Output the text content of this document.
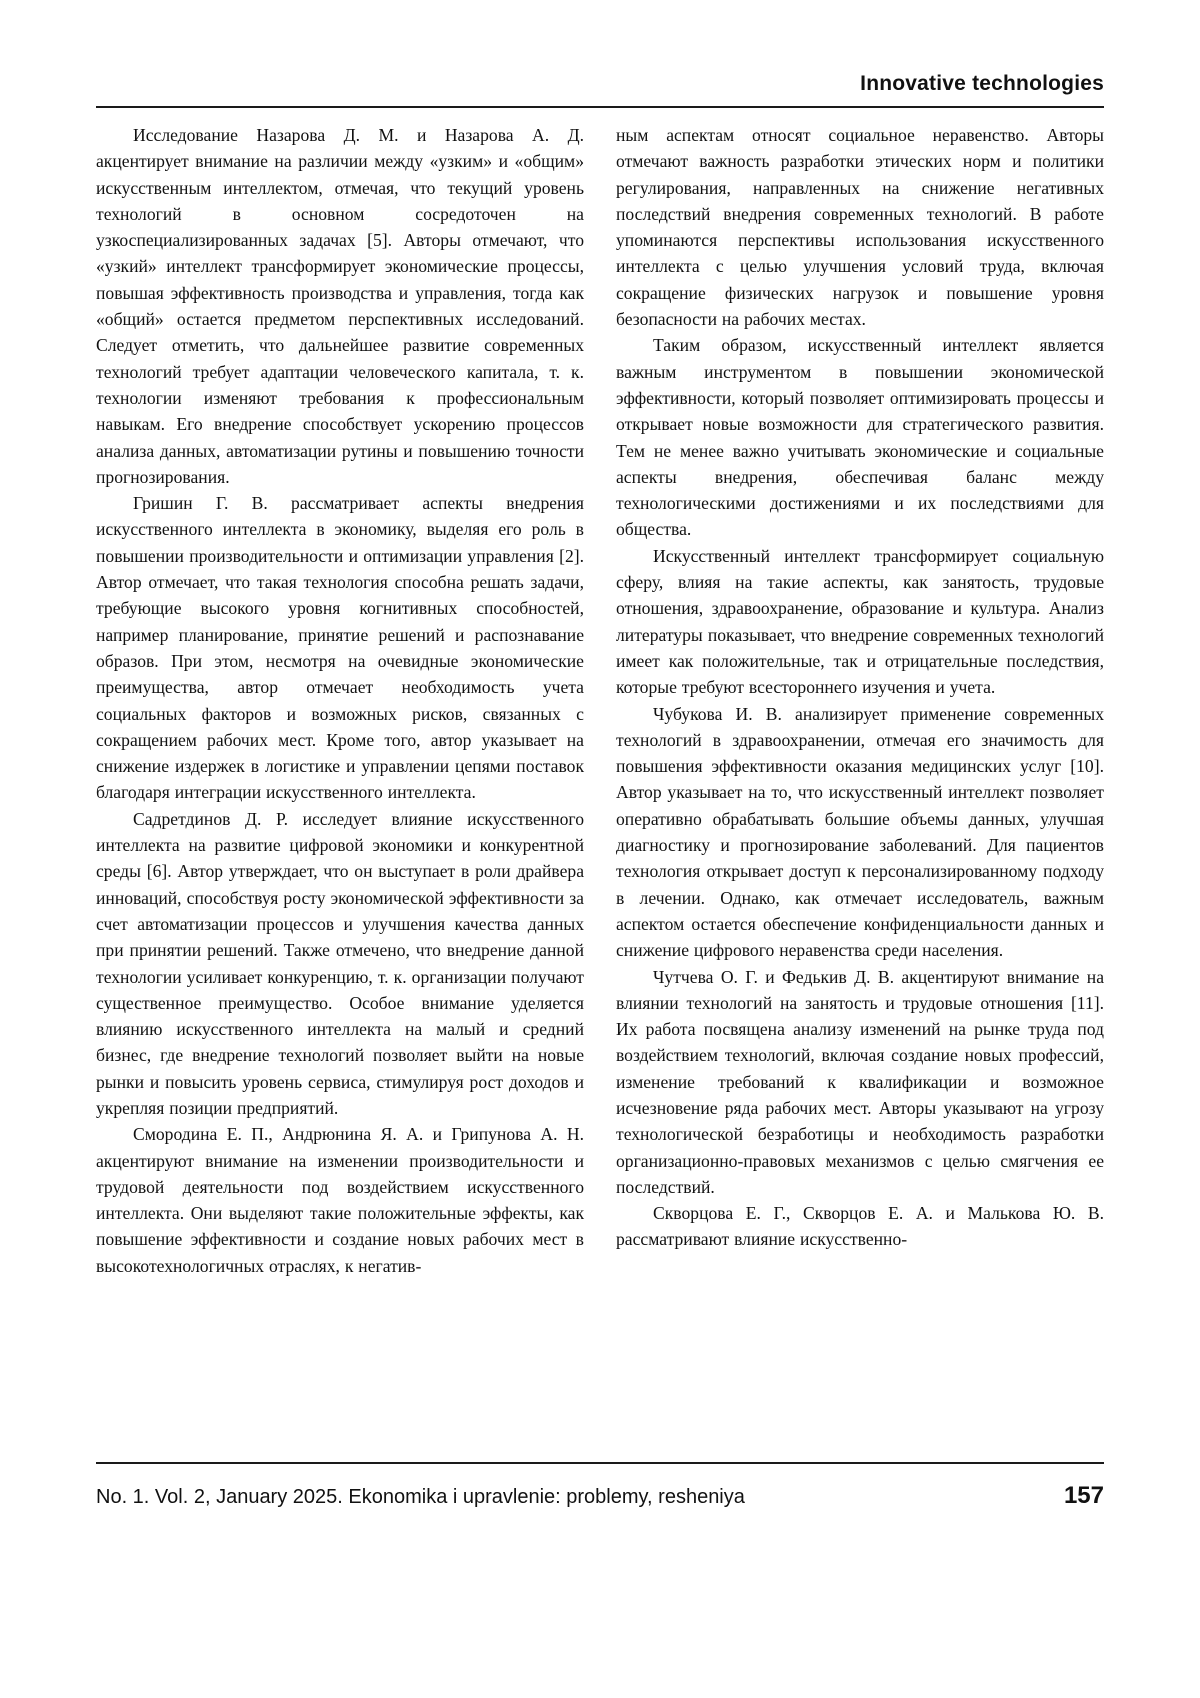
Innovative technologies

Исследование Назарова Д. М. и Назарова А. Д. акцентирует внимание на различии между «узким» и «общим» искусственным интеллектом, отмечая, что текущий уровень технологий в основном сосредоточен на узкоспециализированных задачах [5]. Авторы отмечают, что «узкий» интеллект трансформирует экономические процессы, повышая эффективность производства и управления, тогда как «общий» остается предметом перспективных исследований. Следует отметить, что дальнейшее развитие современных технологий требует адаптации человеческого капитала, т. к. технологии изменяют требования к профессиональным навыкам. Его внедрение способствует ускорению процессов анализа данных, автоматизации рутины и повышению точности прогнозирования.

Гришин Г. В. рассматривает аспекты внедрения искусственного интеллекта в экономику, выделяя его роль в повышении производительности и оптимизации управления [2]. Автор отмечает, что такая технология способна решать задачи, требующие высокого уровня когнитивных способностей, например планирование, принятие решений и распознавание образов. При этом, несмотря на очевидные экономические преимущества, автор отмечает необходимость учета социальных факторов и возможных рисков, связанных с сокращением рабочих мест. Кроме того, автор указывает на снижение издержек в логистике и управлении цепями поставок благодаря интеграции искусственного интеллекта.

Садретдинов Д. Р. исследует влияние искусственного интеллекта на развитие цифровой экономики и конкурентной среды [6]. Автор утверждает, что он выступает в роли драйвера инноваций, способствуя росту экономической эффективности за счет автоматизации процессов и улучшения качества данных при принятии решений. Также отмечено, что внедрение данной технологии усиливает конкуренцию, т. к. организации получают существенное преимущество. Особое внимание уделяется влиянию искусственного интеллекта на малый и средний бизнес, где внедрение технологий позволяет выйти на новые рынки и повысить уровень сервиса, стимулируя рост доходов и укрепляя позиции предприятий.

Смородина Е. П., Андрюнина Я. А. и Грипунова А. Н. акцентируют внимание на изменении производительности и трудовой деятельности под воздействием искусственного интеллекта. Они выделяют такие положительные эффекты, как повышение эффективности и создание новых рабочих мест в высокотехнологичных отраслях, к негатив-

ным аспектам относят социальное неравенство. Авторы отмечают важность разработки этических норм и политики регулирования, направленных на снижение негативных последствий внедрения современных технологий. В работе упоминаются перспективы использования искусственного интеллекта с целью улучшения условий труда, включая сокращение физических нагрузок и повышение уровня безопасности на рабочих местах.

Таким образом, искусственный интеллект является важным инструментом в повышении экономической эффективности, который позволяет оптимизировать процессы и открывает новые возможности для стратегического развития. Тем не менее важно учитывать экономические и социальные аспекты внедрения, обеспечивая баланс между технологическими достижениями и их последствиями для общества.

Искусственный интеллект трансформирует социальную сферу, влияя на такие аспекты, как занятость, трудовые отношения, здравоохранение, образование и культура. Анализ литературы показывает, что внедрение современных технологий имеет как положительные, так и отрицательные последствия, которые требуют всестороннего изучения и учета.

Чубукова И. В. анализирует применение современных технологий в здравоохранении, отмечая его значимость для повышения эффективности оказания медицинских услуг [10]. Автор указывает на то, что искусственный интеллект позволяет оперативно обрабатывать большие объемы данных, улучшая диагностику и прогнозирование заболеваний. Для пациентов технология открывает доступ к персонализированному подходу в лечении. Однако, как отмечает исследователь, важным аспектом остается обеспечение конфиденциальности данных и снижение цифрового неравенства среди населения.

Чутчева О. Г. и Федькив Д. В. акцентируют внимание на влиянии технологий на занятость и трудовые отношения [11]. Их работа посвящена анализу изменений на рынке труда под воздействием технологий, включая создание новых профессий, изменение требований к квалификации и возможное исчезновение ряда рабочих мест. Авторы указывают на угрозу технологической безработицы и необходимость разработки организационно-правовых механизмов с целью смягчения ее последствий.

Скворцова Е. Г., Скворцов Е. А. и Малькова Ю. В. рассматривают влияние искусственно-

No. 1. Vol. 2, January 2025. Ekonomika i upravlenie: problemy, resheniya	157
